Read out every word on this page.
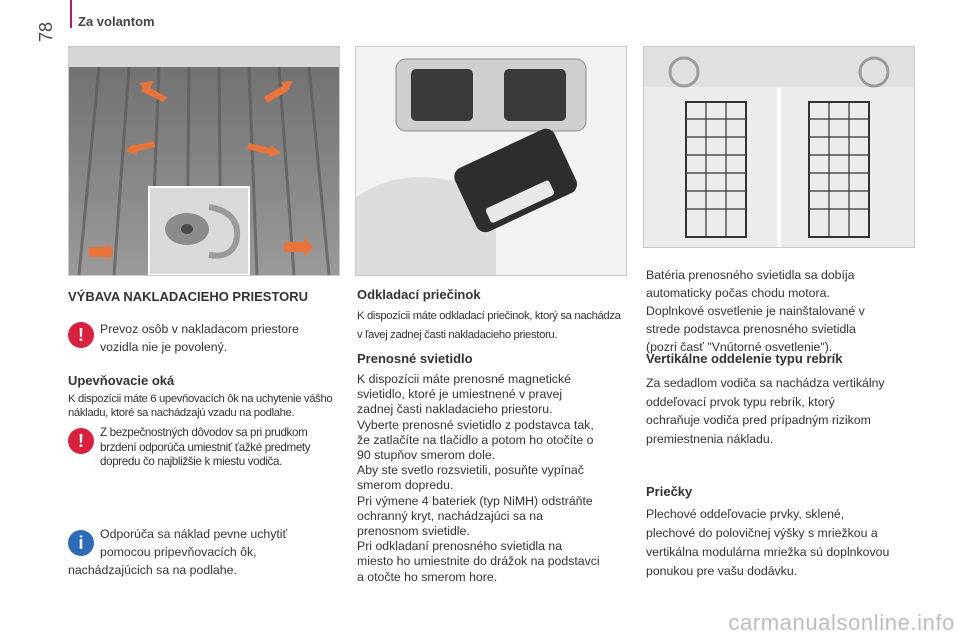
Za volantom
78
VÝBAVA NAKLADACIEHO PRIESTORU
!	Prevoz osôb v nakladacom priestore vozidla nie je povolený.

Upevňovacie oká

K dispozícii máte 6 upevňovacích ôk na uchytenie vášho nákladu, ktoré sa nachádzajú vzadu na podlahe.

!	Z bezpečnostných dôvodov sa pri prudkom brzdení odporúča umiestniť ťažké predmety dopredu čo najbližšie k miestu vodiča.

i	Odporúča sa náklad pevne uchytiť
pomocou pripevňovacích ôk,
nachádzajúcich sa na podlahe.
Odkladací priečinok

K dispozícii máte odkladací priečinok, ktorý sa nachádza v ľavej zadnej časti nakladacieho priestoru.

Prenosné svietidlo
K dispozícii máte prenosné magnetické
svietidlo, ktoré je umiestnené v pravej
zadnej časti nakladacieho priestoru.
Vyberte prenosné svietidlo z podstavca tak,
že zatlačíte na tlačidlo a potom ho otočíte o
90 stupňov smerom dole.
Aby ste svetlo rozsvietili, posuňte vypínač
smerom dopredu.
Pri výmene 4 bateriek (typ NiMH) odstráňte
ochranný kryt, nachádzajúci sa na
prenosnom svietidle.
Pri odkladaní prenosného svietidla na
miesto ho umiestnite do drážok na podstavci
a otočte ho smerom hore.
Batéria prenosného svietidla sa dobíja
automaticky počas chodu motora.
Doplnkové osvetlenie je nainštalované v
strede podstavca prenosného svietidla
(pozri časť "Vnútorné osvetlenie").
Vertikálne oddelenie typu rebrík
Za sedadlom vodiča sa nachádza vertikálny
oddeľovací prvok typu rebrík, ktorý
ochraňuje vodiča pred prípadným rizikom
premiestnenia nákladu.
Priečky
Plechové oddeľovacie prvky, sklené,
plechové do polovičnej výšky s mriežkou a
vertikálna modulárna mriežka sú doplnkovou
ponukou pre vašu dodávku.
carmanualsonline.info
